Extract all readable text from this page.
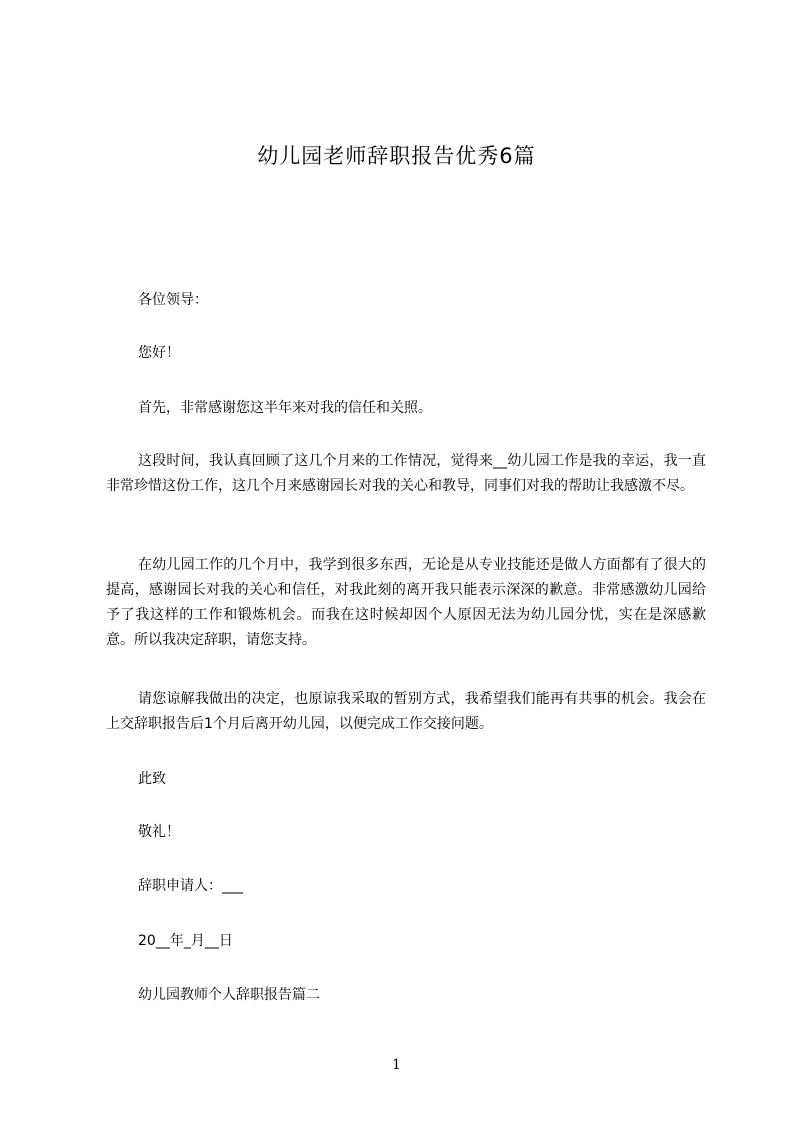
幼儿园老师辞职报告优秀6篇

各位领导：

您好！

首先，非常感谢您这半年来对我的信任和关照。

这段时间，我认真回顾了这几个月来的工作情况，觉得来__幼儿园工作是我的幸运，我一直非常珍惜这份工作，这几个月来感谢园长对我的关心和教导，同事们对我的帮助让我感激不尽。

在幼儿园工作的几个月中，我学到很多东西，无论是从专业技能还是做人方面都有了很大的提高，感谢园长对我的关心和信任，对我此刻的离开我只能表示深深的歉意。非常感激幼儿园给予了我这样的工作和锻炼机会。而我在这时候却因个人原因无法为幼儿园分忧，实在是深感歉意。所以我决定辞职，请您支持。

请您谅解我做出的决定，也原谅我采取的暂别方式，我希望我们能再有共事的机会。我会在上交辞职报告后1个月后离开幼儿园，以便完成工作交接问题。

此致

敬礼！

辞职申请人：___

20__年_月__日

幼儿园教师个人辞职报告篇二

1
